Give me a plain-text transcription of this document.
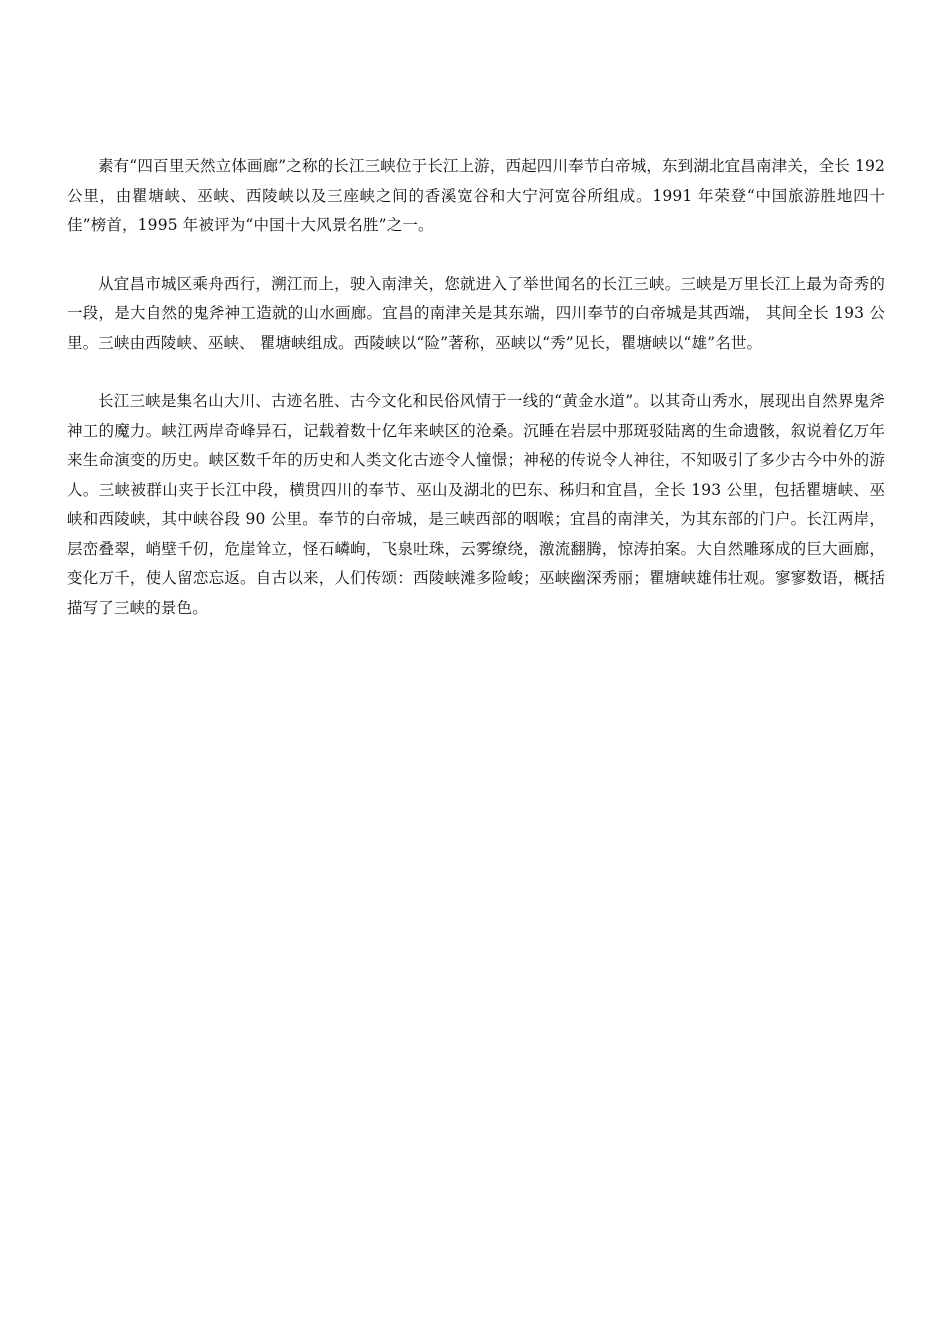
素有“四百里天然立体画廊”之称的长江三峡位于长江上游，西起四川奉节白帝城，东到湖北宜昌南津关，全长 192 公里，由瞿塘峡、巫峡、西陵峡以及三座峡之间的香溪宽谷和大宁河宽谷所组成。1991 年荣登“中国旅游胜地四十佳”榜首，1995 年被评为“中国十大风景名胜”之一。

从宜昌市城区乘舟西行，溯江而上，驶入南津关，您就进入了举世闻名的长江三峡。三峡是万里长江上最为奇秀的一段，是大自然的鬼斧神工造就的山水画廊。宜昌的南津关是其东端，四川奉节的白帝城是其西端， 其间全长 193 公里。三峡由西陵峡、巫峡、 瞿塘峡组成。西陵峡以“险”著称，巫峡以“秀”见长，瞿塘峡以“雄”名世。

长江三峡是集名山大川、古迹名胜、古今文化和民俗风情于一线的“黄金水道”。以其奇山秀水，展现出自然界鬼斧神工的魔力。峡江两岸奇峰异石，记载着数十亿年来峡区的沧桑。沉睡在岩层中那斑驳陆离的生命遗骸，叙说着亿万年来生命演变的历史。峡区数千年的历史和人类文化古迹令人憧憬；神秘的传说令人神往，不知吸引了多少古今中外的游人。三峡被群山夹于长江中段，横贯四川的奉节、巫山及湖北的巴东、秭归和宜昌，全长 193 公里，包括瞿塘峡、巫峡和西陵峡，其中峡谷段 90 公里。奉节的白帝城，是三峡西部的咽喉；宜昌的南津关，为其东部的门户。长江两岸，层峦叠翠，峭壁千仞，危崖耸立，怪石嶙峋，飞泉吐珠，云雾缭绕，激流翻腾，惊涛拍案。大自然雕琢成的巨大画廊，变化万千，使人留恋忘返。自古以来，人们传颂：西陵峡滩多险峻；巫峡幽深秀丽；瞿塘峡雄伟壮观。寥寥数语，概括描写了三峡的景色。
